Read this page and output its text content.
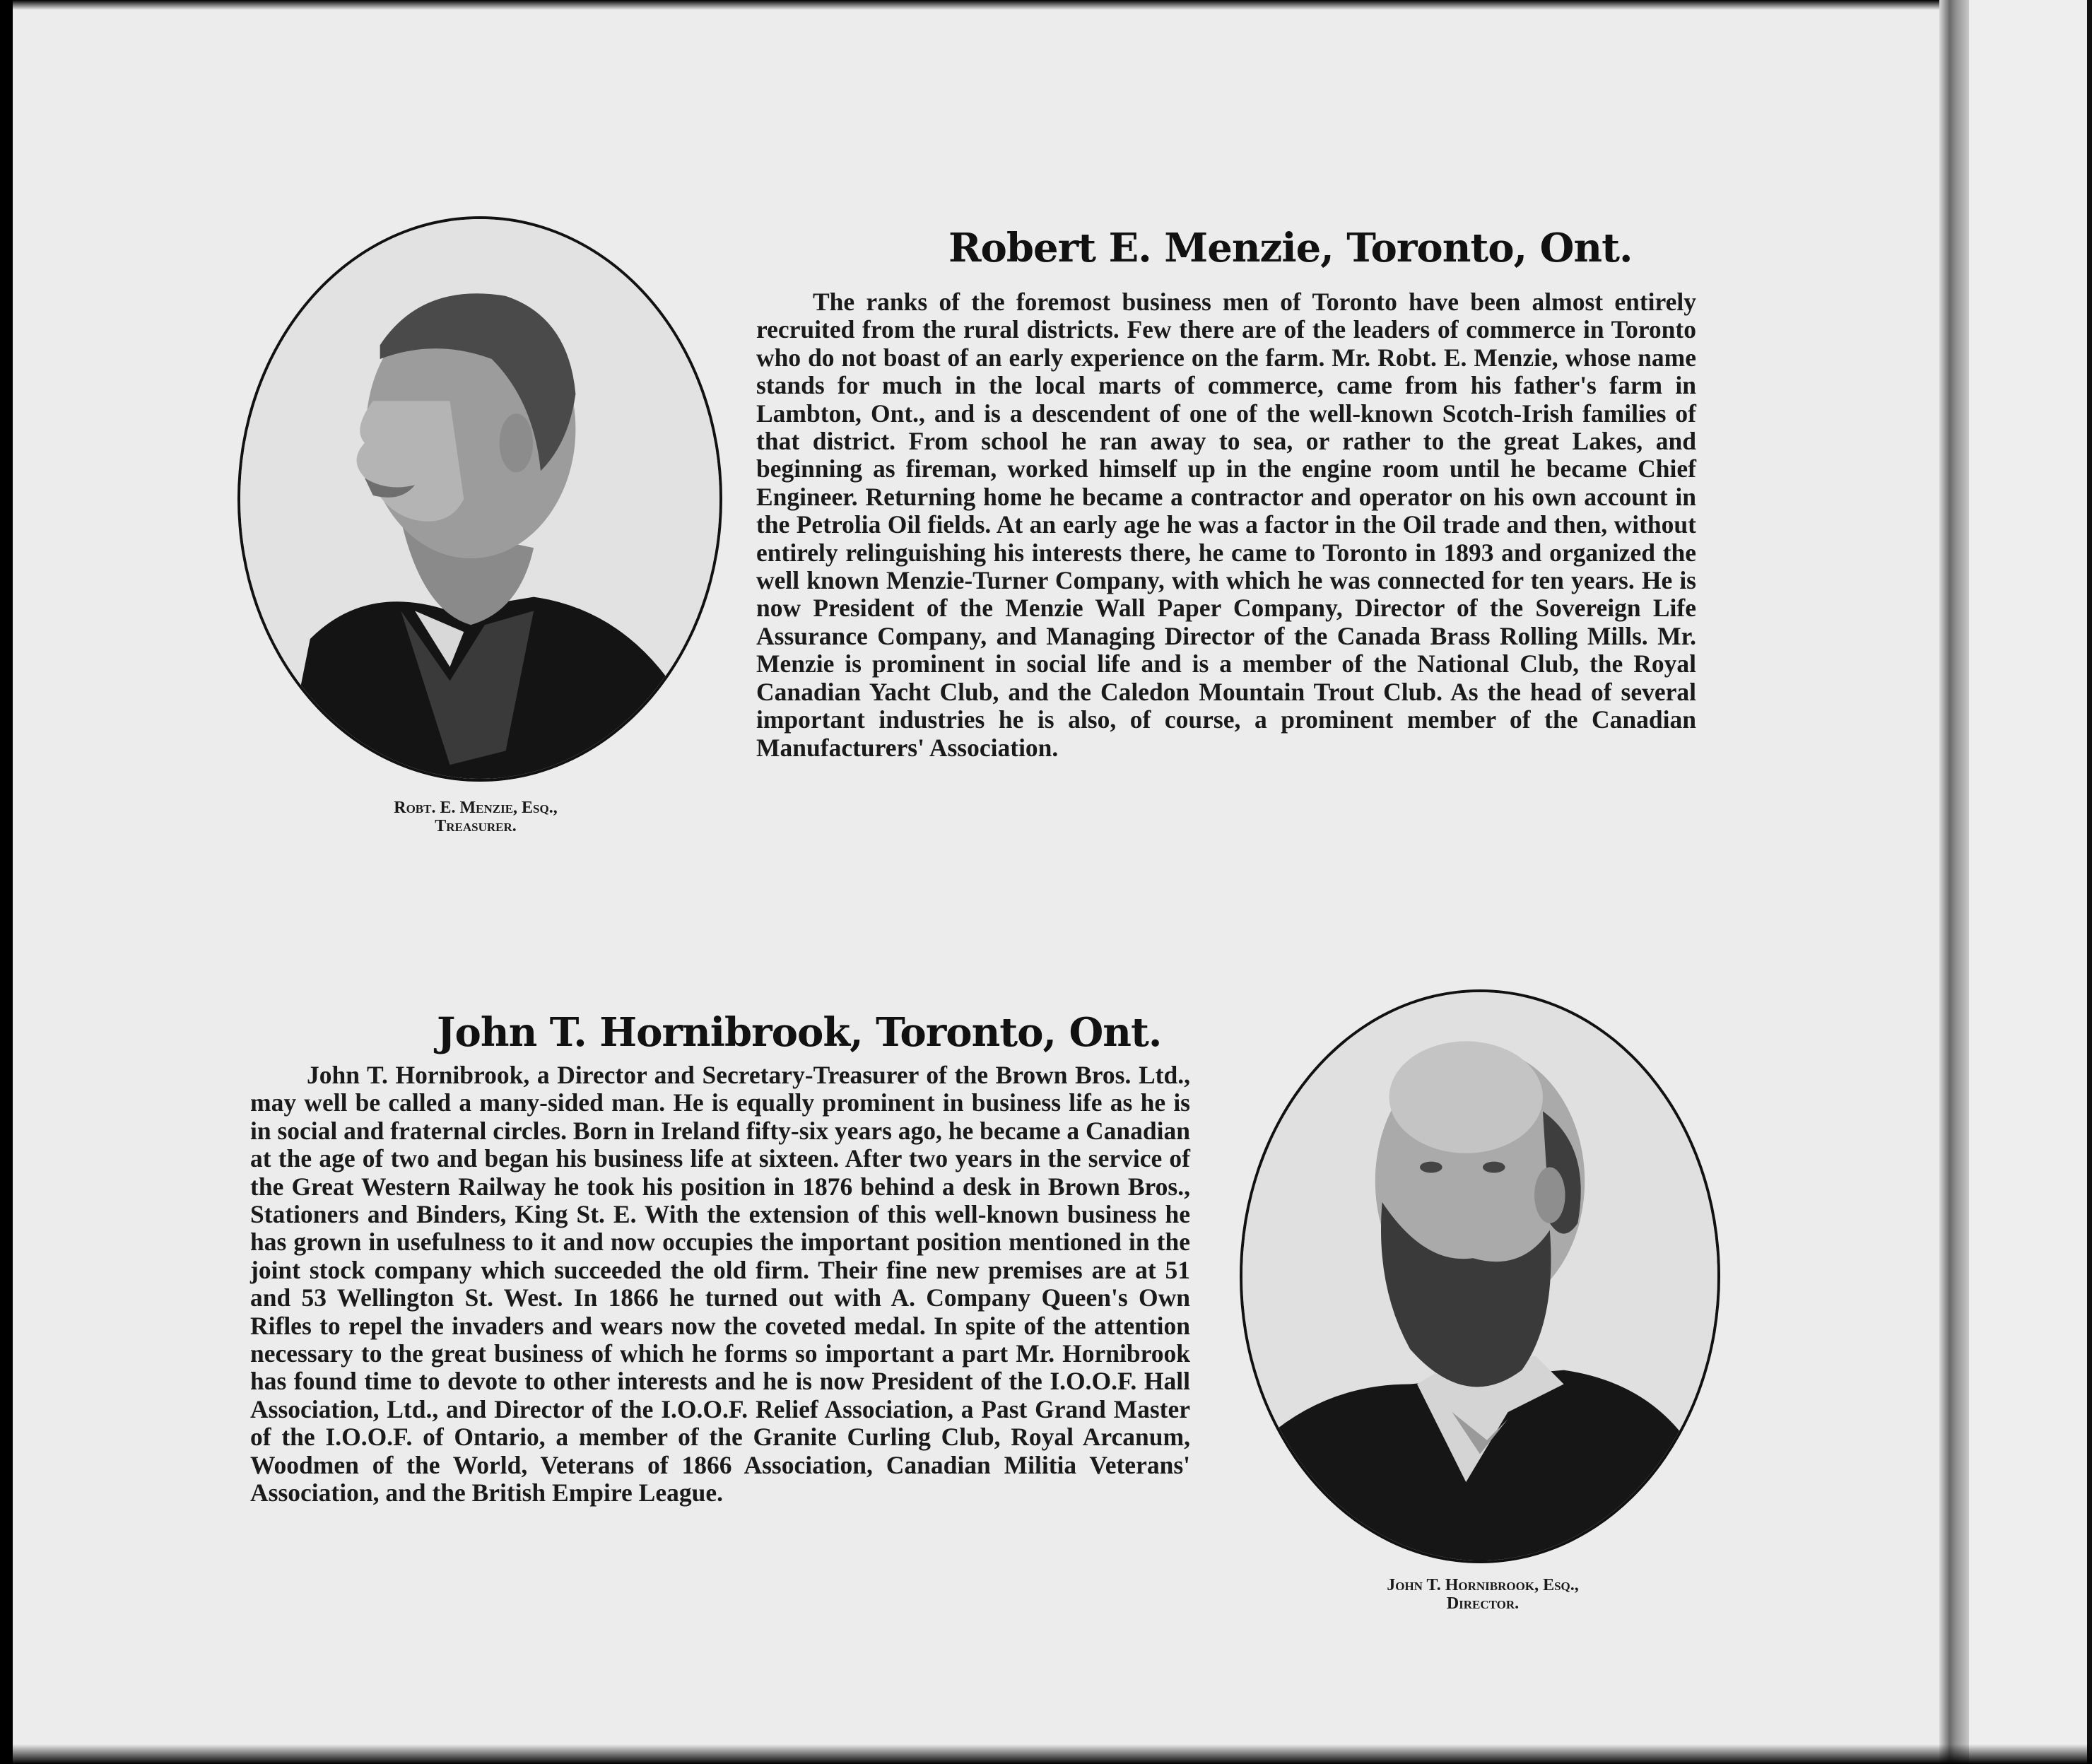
Robt. E. Menzie, Esq.,
Treasurer.
Robert E. Menzie, Toronto, Ont.

The ranks of the foremost business men of Toronto have been almost entirely recruited from the rural districts. Few there are of the leaders of commerce in Toronto who do not boast of an early experience on the farm. Mr. Robt. E. Menzie, whose name stands for much in the local marts of commerce, came from his father's farm in Lambton, Ont., and is a descendent of one of the well-known Scotch-Irish families of that district. From school he ran away to sea, or rather to the great Lakes, and beginning as fireman, worked himself up in the engine room until he became Chief Engineer. Returning home he became a contractor and operator on his own account in the Petrolia Oil fields. At an early age he was a factor in the Oil trade and then, without entirely relinguishing his interests there, he came to Toronto in 1893 and organized the well known Menzie-Turner Company, with which he was connected for ten years. He is now President of the Menzie Wall Paper Company, Director of the Sovereign Life Assurance Company, and Managing Director of the Canada Brass Rolling Mills. Mr. Menzie is prominent in social life and is a member of the National Club, the Royal Canadian Yacht Club, and the Caledon Mountain Trout Club. As the head of several important industries he is also, of course, a prominent member of the Canadian Manufacturers' Association.

John T. Hornibrook, Toronto, Ont.

John T. Hornibrook, a Director and Secretary-Treasurer of the Brown Bros. Ltd., may well be called a many-sided man. He is equally prominent in business life as he is in social and fraternal circles. Born in Ireland fifty-six years ago, he became a Canadian at the age of two and began his business life at sixteen. After two years in the service of the Great Western Railway he took his position in 1876 behind a desk in Brown Bros., Stationers and Binders, King St. E. With the extension of this well-known business he has grown in usefulness to it and now occupies the important position mentioned in the joint stock company which succeeded the old firm. Their fine new premises are at 51 and 53 Wellington St. West. In 1866 he turned out with A. Company Queen's Own Rifles to repel the invaders and wears now the coveted medal. In spite of the attention necessary to the great business of which he forms so important a part Mr. Hornibrook has found time to devote to other interests and he is now President of the I.O.O.F. Hall Association, Ltd., and Director of the I.O.O.F. Relief Association, a Past Grand Master of the I.O.O.F. of Ontario, a member of the Granite Curling Club, Royal Arcanum, Woodmen of the World, Veterans of 1866 Association, Canadian Militia Veterans' Association, and the British Empire League.

John T. Hornibrook, Esq.,
Director.
